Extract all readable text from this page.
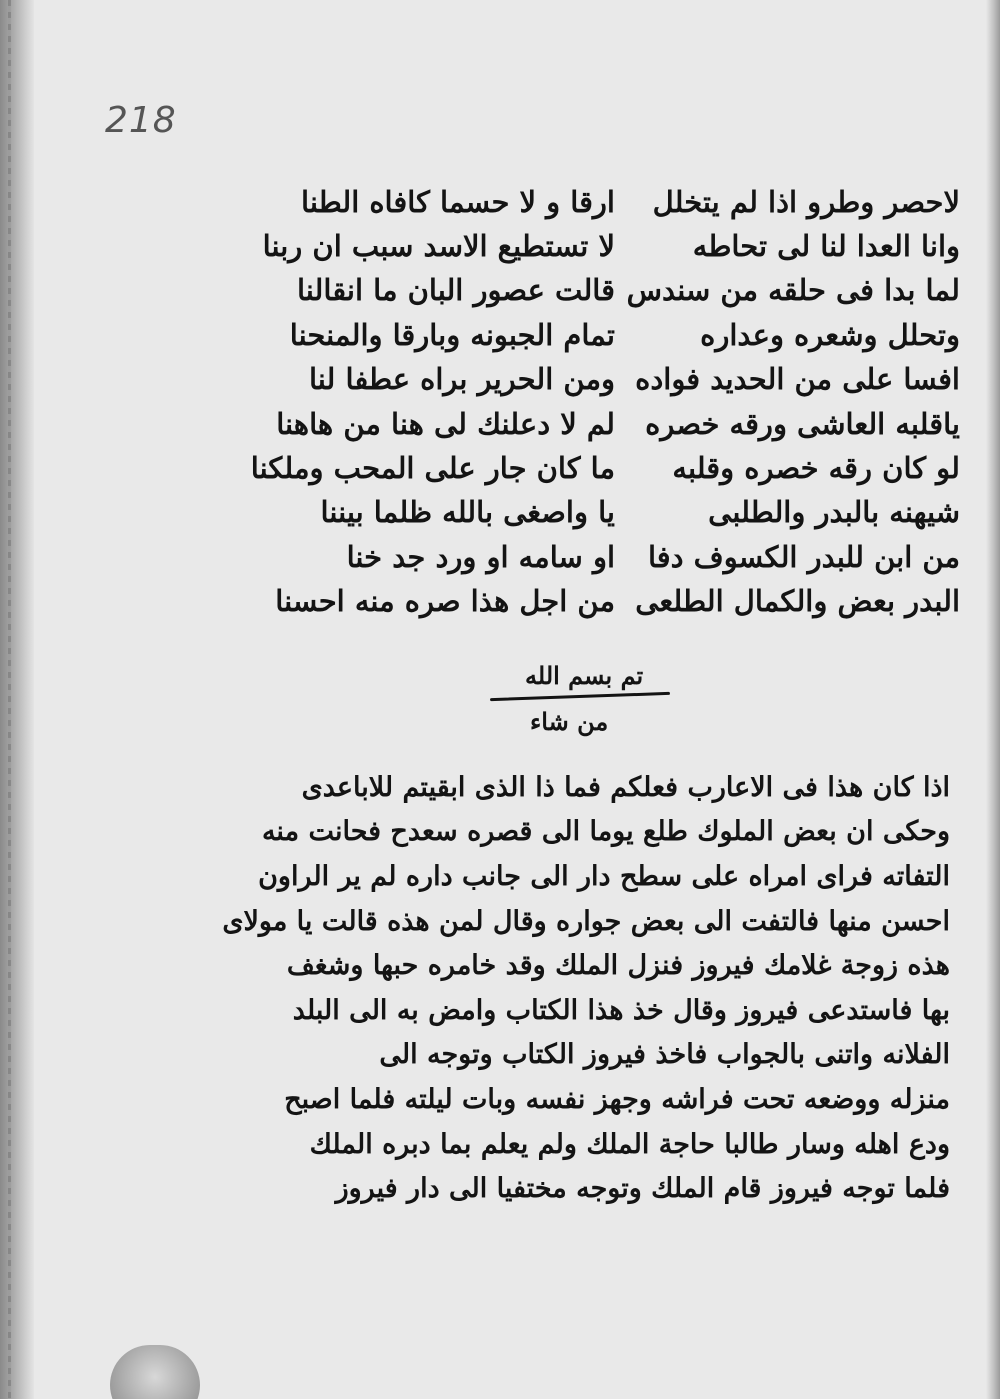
218
لاحصر وطرو اذا لم يتخلل
ارقا و لا حسما كافاه الطنا
وانا العدا لنا لى تحاطه
لا تستطيع الاسد سبب ان ربنا
لما بدا فى حلقه من سندس
قالت عصور البان ما انقالنا
وتحلل وشعره وعداره
تمام الجبونه وبارقا والمنحنا
افسا على من الحديد فواده
ومن الحرير براه عطفا لنا
ياقلبه العاشى ورقه خصره
لم لا دعلنك لى هنا من هاهنا
لو كان رقه خصره وقلبه
ما كان جار على المحب وملكنا
شيهنه بالبدر والطلبى
يا واصغى بالله ظلما بيننا
من ابن للبدر الكسوف دفا
او سامه او ورد جد خنا
البدر بعض والكمال الطلعى
من اجل هذا صره منه احسنا
تم بسم الله
من شاء
اذا كان هذا فى الاعارب فعلكم فما ذا الذى ابقيتم للاباعدى
وحكى ان بعض الملوك طلع يوما الى قصره سعدح فحانت منه
التفاته فراى امراه على سطح دار الى جانب داره لم ير الراون
احسن منها فالتفت الى بعض جواره وقال لمن هذه قالت يا مولاى
هذه زوجة غلامك فيروز فنزل الملك وقد خامره حبها وشغف
بها فاستدعى فيروز وقال خذ هذا الكتاب وامض به الى البلد
الفلانه واتنى بالجواب فاخذ فيروز الكتاب وتوجه الى
منزله ووضعه تحت فراشه وجهز نفسه وبات ليلته فلما اصبح
ودع اهله وسار طالبا حاجة الملك ولم يعلم بما دبره الملك
فلما توجه فيروز قام الملك وتوجه مختفيا الى دار فيروز
